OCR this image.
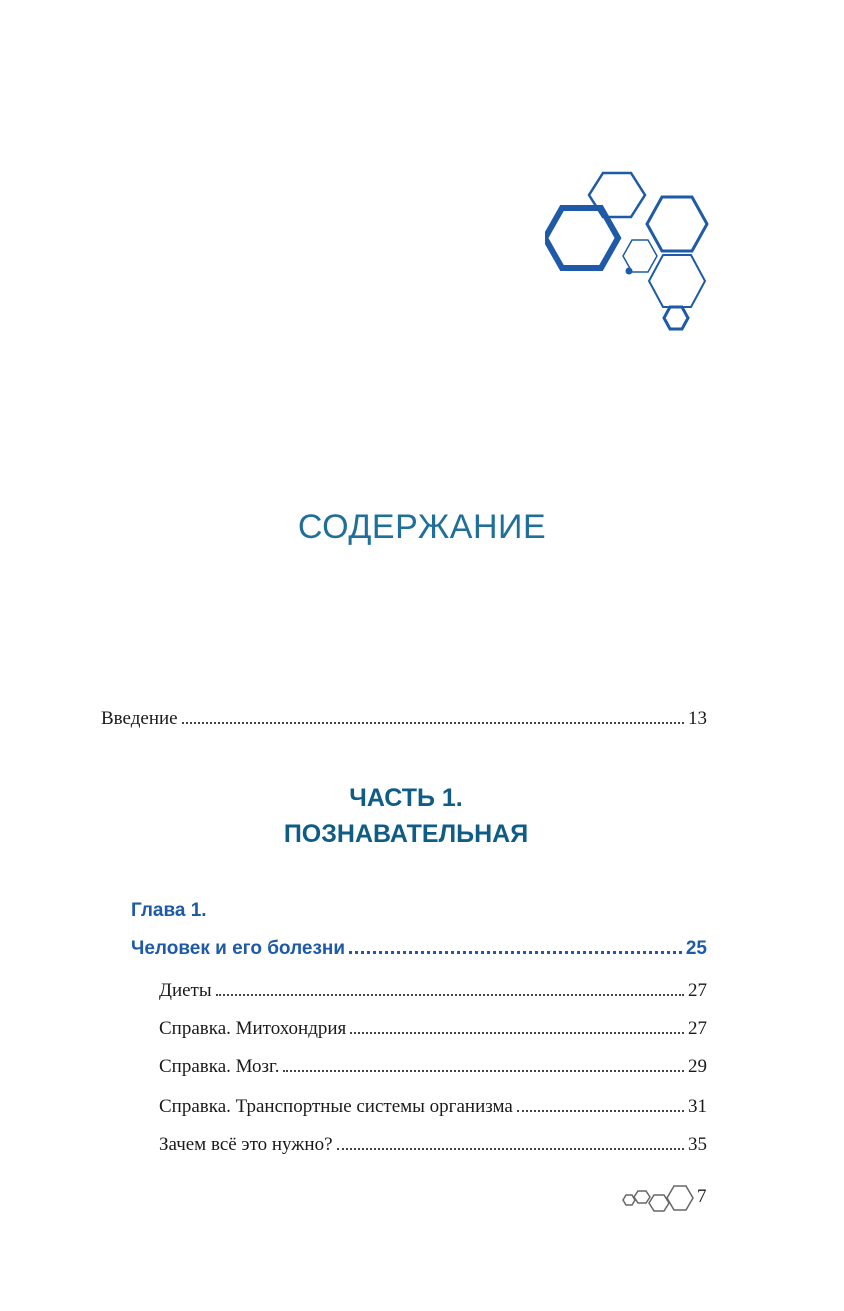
СОДЕРЖАНИЕ
Введение	13
ЧАСТЬ 1.
ПОЗНАВАТЕЛЬНАЯ
Глава 1.
Человек и его болезни	25
Диеты	27
Справка. Митохондрия	27
Справка. Мозг.	29
Справка. Транспортные системы организма	31
Зачем всё это нужно?	35
7
